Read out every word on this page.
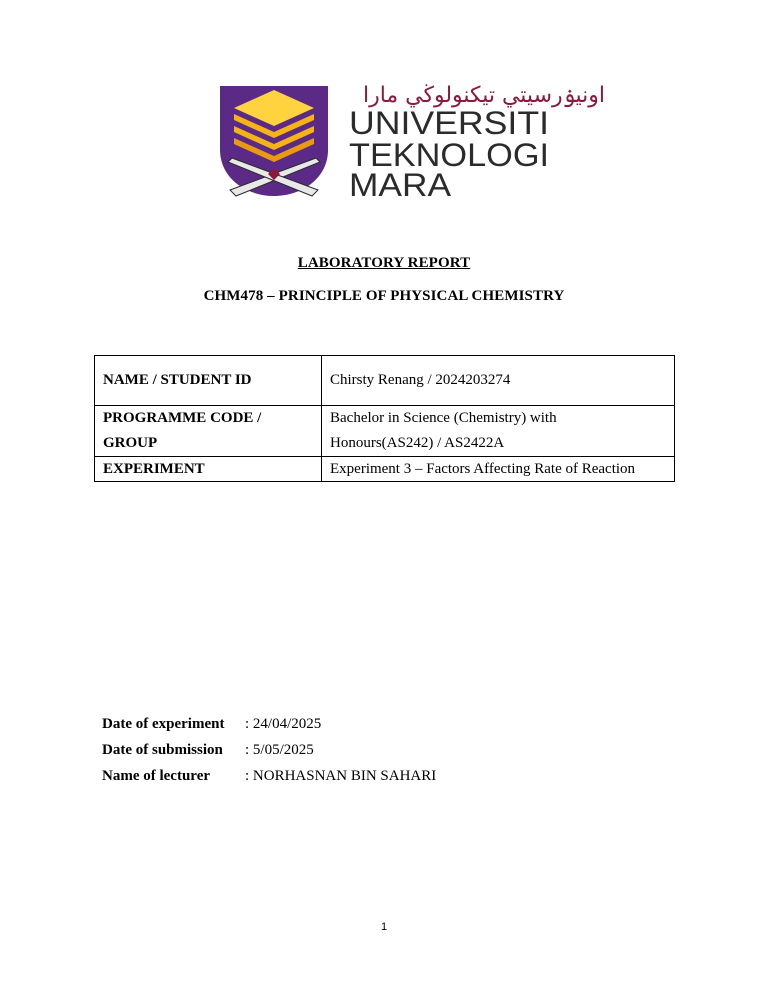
اونيۏرسيتي تيكنولوڬي مارا
UNIVERSITI
TEKNOLOGI
MARA
LABORATORY REPORT
CHM478 – PRINCIPLE OF PHYSICAL CHEMISTRY
NAME / STUDENT ID	Chirsty Renang / 2024203274

PROGRAMME CODE /
GROUP	Bachelor in Science (Chemistry) with
Honours(AS242) / AS2422A

EXPERIMENT	Experiment 3 – Factors Affecting Rate of Reaction
Date of experiment	: 24/04/2025
Date of submission	: 5/05/2025
Name of lecturer	: NORHASNAN BIN SAHARI
1
